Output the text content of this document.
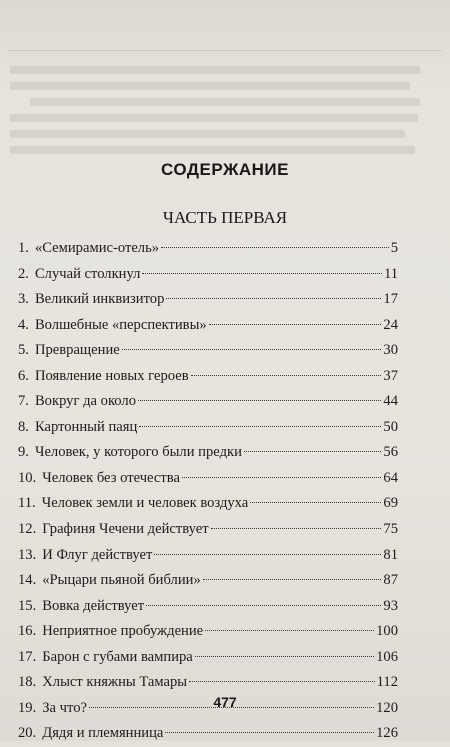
СОДЕРЖАНИЕ
ЧАСТЬ ПЕРВАЯ
1. «Семирамис-отель»	5
2. Случай столкнул	11
3. Великий инквизитор	17
4. Волшебные «перспективы»	24
5. Превращение	30
6. Появление новых героев	37
7. Вокруг да около	44
8. Картонный паяц	50
9. Человек, у которого были предки	56
10. Человек без отечества	64
11. Человек земли и человек воздуха	69
12. Графиня Чечени действует	75
13. И Флуг действует	81
14. «Рыцари пьяной библии»	87
15. Вовка действует	93
16. Неприятное пробуждение	100
17. Барон с губами вампира	106
18. Хлыст княжны Тамары	112
19. За что?	120
20. Дядя и племянница	126
477
